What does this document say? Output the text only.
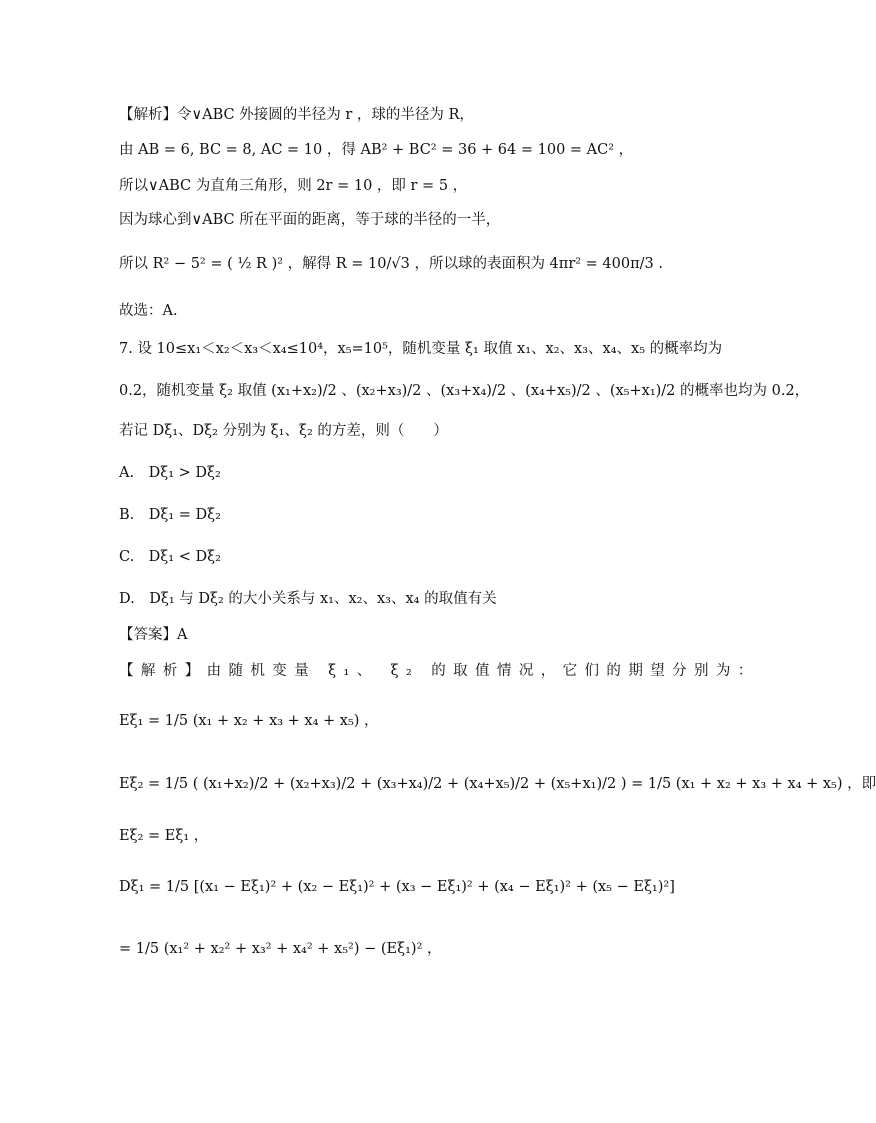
【解析】令∨ABC 外接圆的半径为 r ，球的半径为 R，
由 AB = 6, BC = 8, AC = 10 ，得 AB² + BC² = 36 + 64 = 100 = AC² ，
所以∨ABC 为直角三角形，则 2r = 10 ，即 r = 5 ，
因为球心到∨ABC 所在平面的距离，等于球的半径的一半，
所以 R² − 5² = ( ½ R )² ，解得 R = 10/√3 ，所以球的表面积为 4πr² = 400π/3 .
故选：A.
7. 设 10≤x₁＜x₂＜x₃＜x₄≤10⁴，x₅=10⁵，随机变量 ξ₁ 取值 x₁、x₂、x₃、x₄、x₅ 的概率均为
0.2，随机变量 ξ₂ 取值 (x₁+x₂)/2 、(x₂+x₃)/2 、(x₃+x₄)/2 、(x₄+x₅)/2 、(x₅+x₁)/2 的概率也均为 0.2，
若记 Dξ₁、Dξ₂ 分别为 ξ₁、ξ₂ 的方差，则（　　）
A.　Dξ₁ > Dξ₂
B.　Dξ₁ = Dξ₂
C.　Dξ₁ < Dξ₂
D.　Dξ₁ 与 Dξ₂ 的大小关系与 x₁、x₂、x₃、x₄ 的取值有关
【答案】A
【解析】由随机变量 ξ₁、 ξ₂ 的取值情况，它们的期望分别为：
Eξ₁ = 1/5 (x₁ + x₂ + x₃ + x₄ + x₅) ，
Eξ₂ = 1/5 ( (x₁+x₂)/2 + (x₂+x₃)/2 + (x₃+x₄)/2 + (x₄+x₅)/2 + (x₅+x₁)/2 ) = 1/5 (x₁ + x₂ + x₃ + x₄ + x₅) ，即
Eξ₂ = Eξ₁ ，
Dξ₁ = 1/5 [(x₁ − Eξ₁)² + (x₂ − Eξ₁)² + (x₃ − Eξ₁)² + (x₄ − Eξ₁)² + (x₅ − Eξ₁)²]
= 1/5 (x₁² + x₂² + x₃² + x₄² + x₅²) − (Eξ₁)² ，
